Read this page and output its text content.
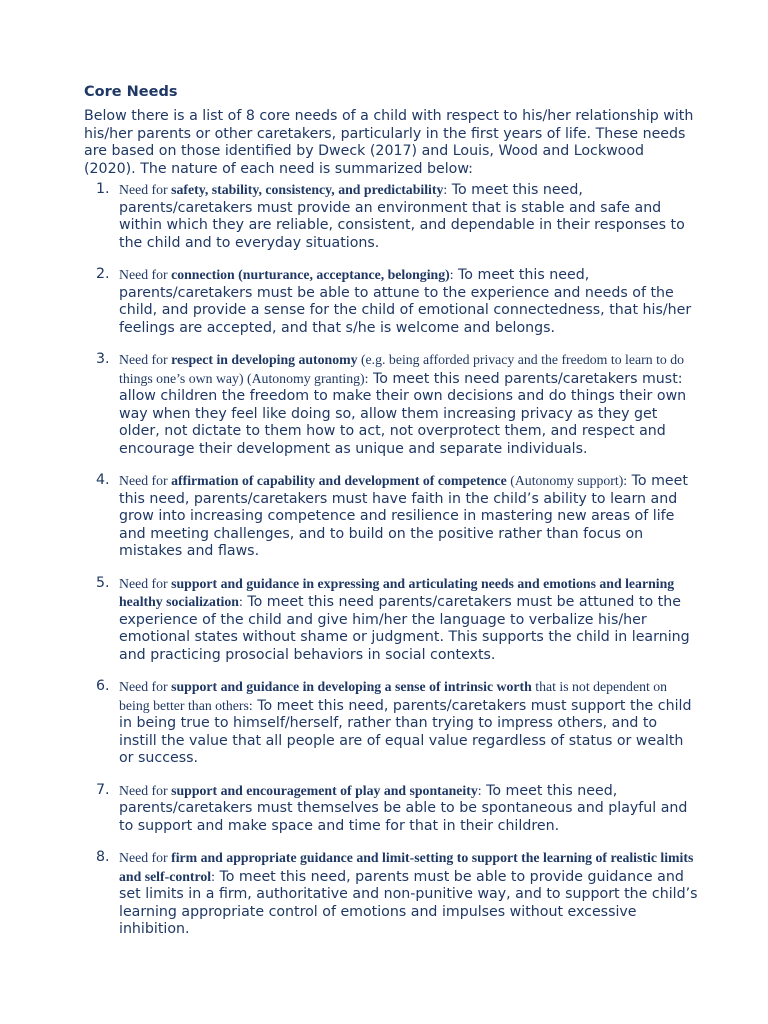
Core Needs
Below there is a list of 8 core needs of a child with respect to his/her relationship with his/her parents or other caretakers, particularly in the first years of life. These needs are based on those identified by Dweck (2017) and Louis, Wood and Lockwood (2020). The nature of each need is summarized below:
1. Need for safety, stability, consistency, and predictability: To meet this need, parents/caretakers must provide an environment that is stable and safe and within which they are reliable, consistent, and dependable in their responses to the child and to everyday situations.
2. Need for connection (nurturance, acceptance, belonging): To meet this need, parents/caretakers must be able to attune to the experience and needs of the child, and provide a sense for the child of emotional connectedness, that his/her feelings are accepted, and that s/he is welcome and belongs.
3. Need for respect in developing autonomy (e.g. being afforded privacy and the freedom to learn to do things one’s own way) (Autonomy granting): To meet this need parents/caretakers must: allow children the freedom to make their own decisions and do things their own way when they feel like doing so, allow them increasing privacy as they get older, not dictate to them how to act, not overprotect them, and respect and encourage their development as unique and separate individuals.
4. Need for affirmation of capability and development of competence (Autonomy support): To meet this need, parents/caretakers must have faith in the child’s ability to learn and grow into increasing competence and resilience in mastering new areas of life and meeting challenges, and to build on the positive rather than focus on mistakes and flaws.
5. Need for support and guidance in expressing and articulating needs and emotions and learning healthy socialization: To meet this need parents/caretakers must be attuned to the experience of the child and give him/her the language to verbalize his/her emotional states without shame or judgment. This supports the child in learning and practicing prosocial behaviors in social contexts.
6. Need for support and guidance in developing a sense of intrinsic worth that is not dependent on being better than others: To meet this need, parents/caretakers must support the child in being true to himself/herself, rather than trying to impress others, and to instill the value that all people are of equal value regardless of status or wealth or success.
7. Need for support and encouragement of play and spontaneity: To meet this need, parents/caretakers must themselves be able to be spontaneous and playful and to support and make space and time for that in their children.
8. Need for firm and appropriate guidance and limit-setting to support the learning of realistic limits and self-control: To meet this need, parents must be able to provide guidance and set limits in a firm, authoritative and non-punitive way, and to support the child’s learning appropriate control of emotions and impulses without excessive inhibition.
